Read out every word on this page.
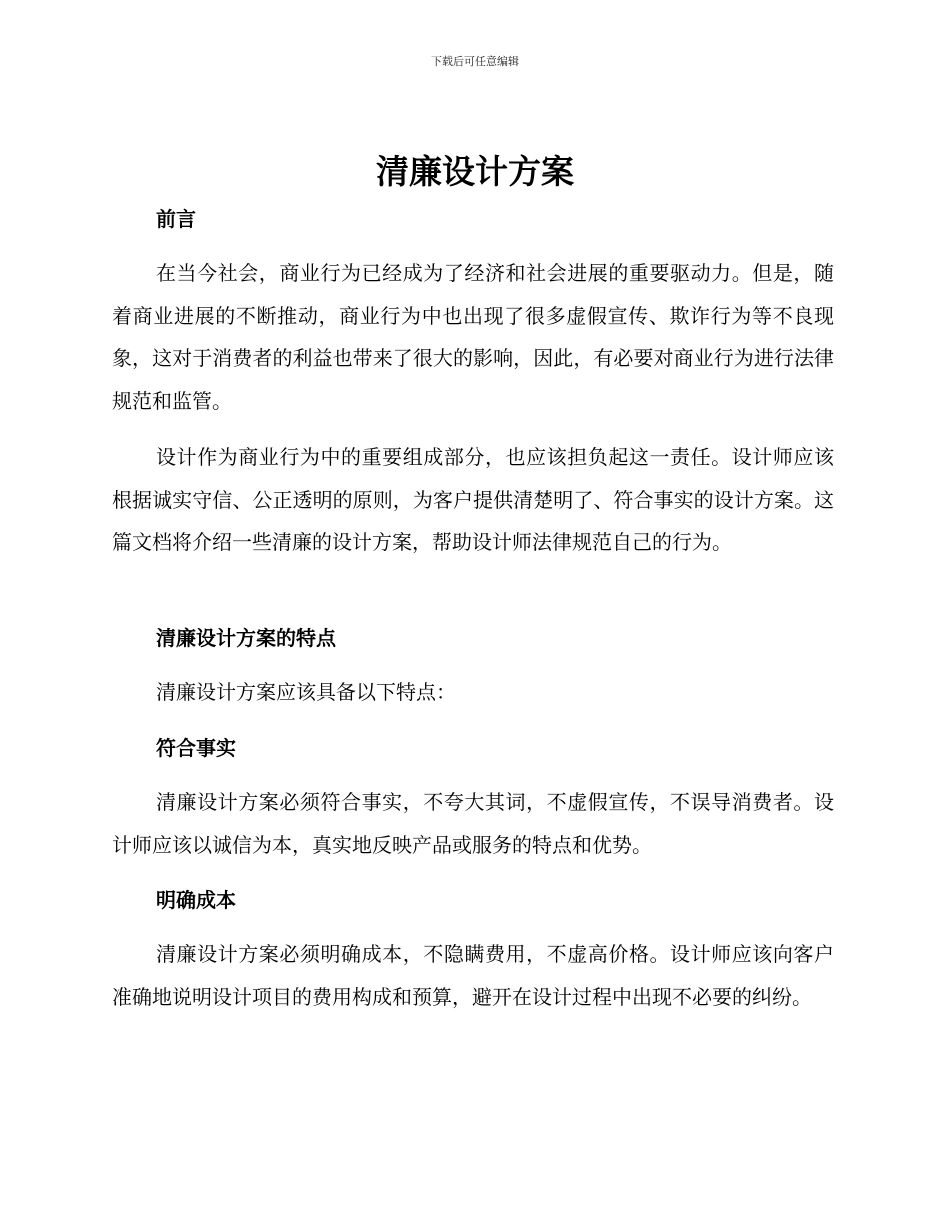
下载后可任意编辑
清廉设计方案
前言

在当今社会，商业行为已经成为了经济和社会进展的重要驱动力。但是，随着商业进展的不断推动，商业行为中也出现了很多虚假宣传、欺诈行为等不良现象，这对于消费者的利益也带来了很大的影响，因此，有必要对商业行为进行法律规范和监管。

设计作为商业行为中的重要组成部分，也应该担负起这一责任。设计师应该根据诚实守信、公正透明的原则，为客户提供清楚明了、符合事实的设计方案。这篇文档将介绍一些清廉的设计方案，帮助设计师法律规范自己的行为。

清廉设计方案的特点

清廉设计方案应该具备以下特点：

符合事实

清廉设计方案必须符合事实，不夸大其词，不虚假宣传，不误导消费者。设计师应该以诚信为本，真实地反映产品或服务的特点和优势。

明确成本

清廉设计方案必须明确成本，不隐瞒费用，不虚高价格。设计师应该向客户准确地说明设计项目的费用构成和预算，避开在设计过程中出现不必要的纠纷。
